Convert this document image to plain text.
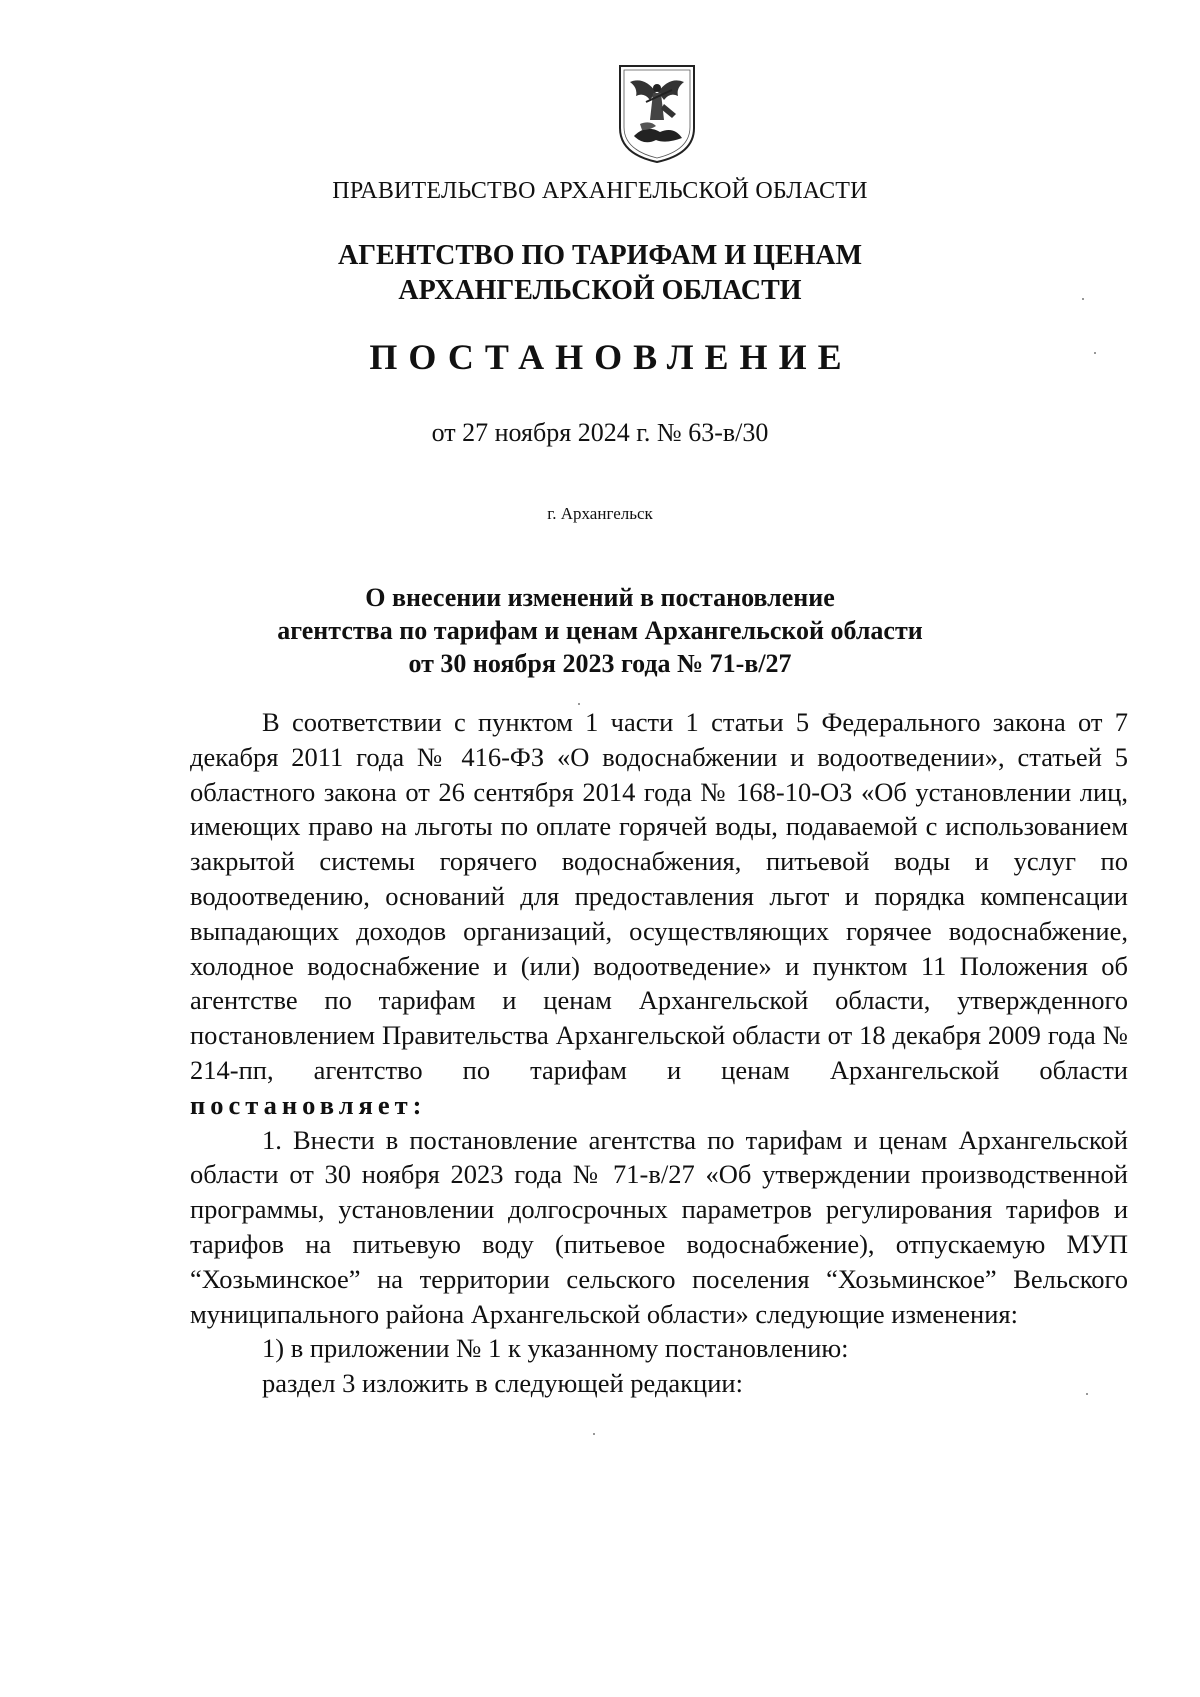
ПРАВИТЕЛЬСТВО АРХАНГЕЛЬСКОЙ ОБЛАСТИ
АГЕНТСТВО ПО ТАРИФАМ И ЦЕНАМ
АРХАНГЕЛЬСКОЙ ОБЛАСТИ
ПОСТАНОВЛЕНИЕ
от 27 ноября 2024 г. № 63-в/30
г. Архангельск
О внесении изменений в постановление
агентства по тарифам и ценам Архангельской области
от 30 ноября 2023 года № 71-в/27

В соответствии с пунктом 1 части 1 статьи 5 Федерального закона от 7 декабря 2011 года № 416-ФЗ «О водоснабжении и водоотведении», статьей 5 областного закона от 26 сентября 2014 года № 168-10-ОЗ «Об установлении лиц, имеющих право на льготы по оплате горячей воды, подаваемой с использованием закрытой системы горячего водоснабжения, питьевой воды и услуг по водоотведению, оснований для предоставления льгот и порядка компенсации выпадающих доходов организаций, осуществляющих горячее водоснабжение, холодное водоснабжение и (или) водоотведение» и пунктом 11 Положения об агентстве по тарифам и ценам Архангельской области, утвержденного постановлением Правительства Архангельской области от 18 декабря 2009 года № 214-пп, агентство по тарифам и ценам Архангельской области постановляет:

1. Внести в постановление агентства по тарифам и ценам Архангельской области от 30 ноября 2023 года № 71-в/27 «Об утверждении производственной программы, установлении долгосрочных параметров регулирования тарифов и тарифов на питьевую воду (питьевое водоснабжение), отпускаемую МУП “Хозьминское” на территории сельского поселения “Хозьминское” Вельского муниципального района Архангельской области» следующие изменения:

1) в приложении № 1 к указанному постановлению:

раздел 3 изложить в следующей редакции:
